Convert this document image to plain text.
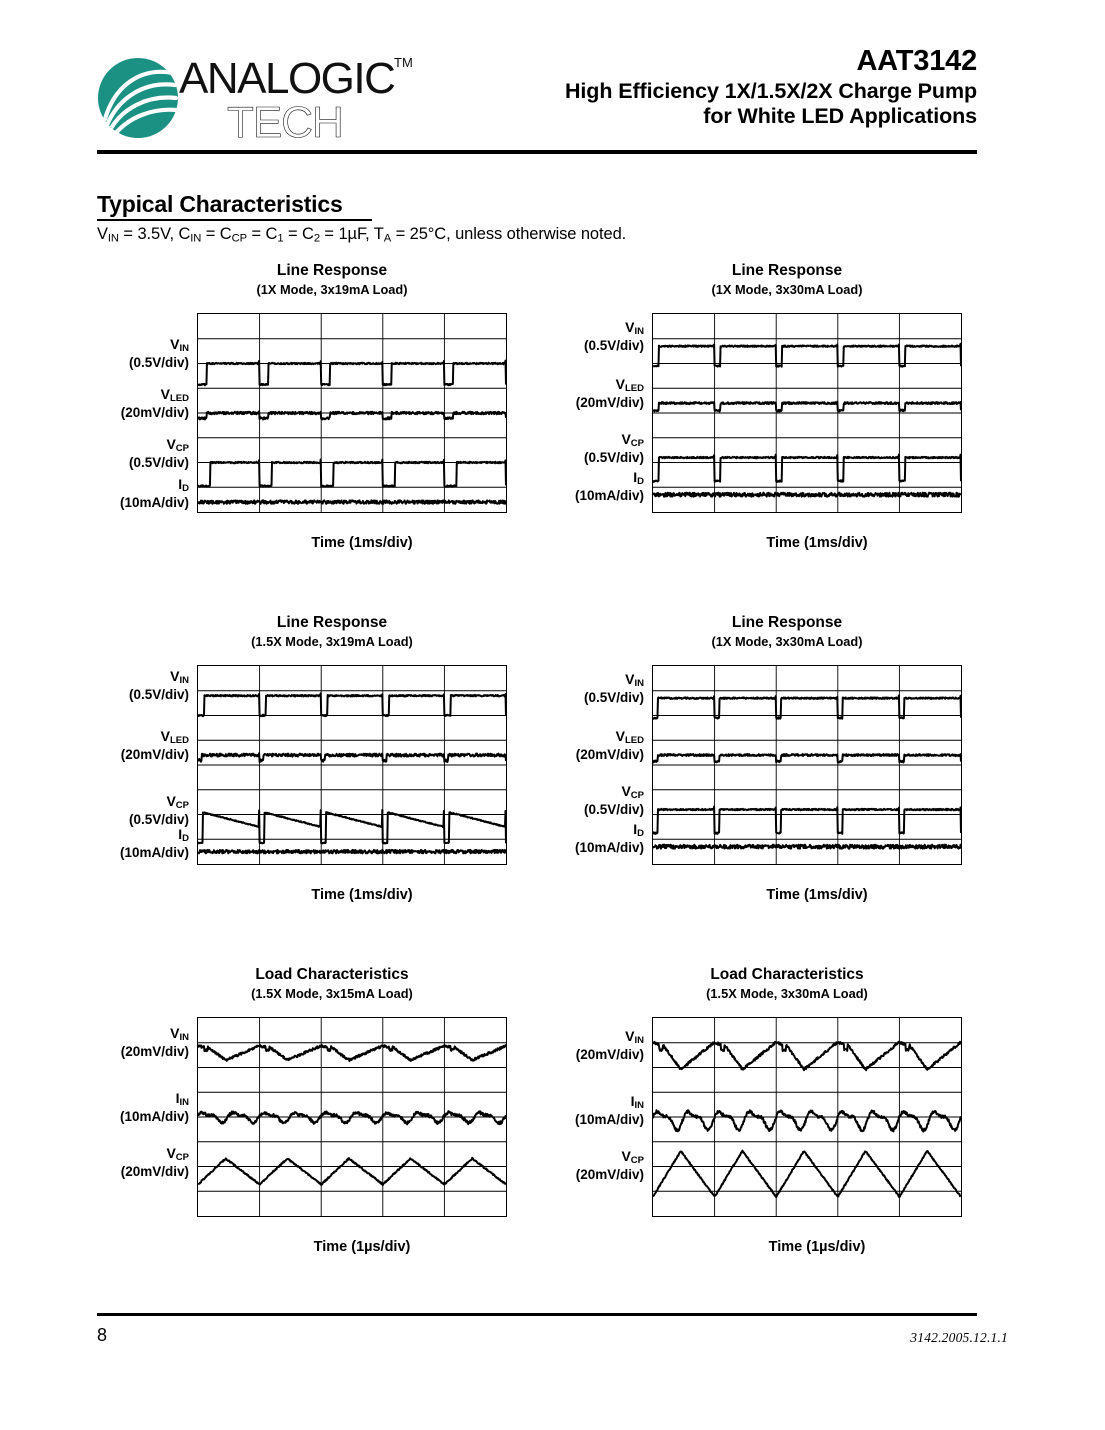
ANALOGIC TM
TECH
AAT3142
High Efficiency 1X/1.5X/2X Charge Pump
for White LED Applications
Typical Characteristics
$V_{IN} = 3.5V$, $C_{IN} = C_{CP} = C_1 = C_2 = 1\mu F$, $T_A = 25^\circ C$, unless otherwise noted.
Line Response
(1X Mode, 3x19mA Load)
$V_{IN}$
(0.5V/div)
$V_{LED}$
(20mV/div)
$V_{CP}$
(0.5V/div)
$I_D$
(10mA/div)
Time (1ms/div)
Line Response
(1X Mode, 3x30mA Load)
$V_{IN}$
(0.5V/div)
$V_{LED}$
(20mV/div)
$V_{CP}$
(0.5V/div)
$I_D$
(10mA/div)
Time (1ms/div)
Line Response
(1.5X Mode, 3x19mA Load)
$V_{IN}$
(0.5V/div)
$V_{LED}$
(20mV/div)
$V_{CP}$
(0.5V/div)
$I_D$
(10mA/div)
Time (1ms/div)
Line Response
(1X Mode, 3x30mA Load)
$V_{IN}$
(0.5V/div)
$V_{LED}$
(20mV/div)
$V_{CP}$
(0.5V/div)
$I_D$
(10mA/div)
Time (1ms/div)
Load Characteristics
(1.5X Mode, 3x15mA Load)
$V_{IN}$
(20mV/div)
$I_{IN}$
(10mA/div)
$V_{CP}$
(20mV/div)
Time (1µs/div)
Load Characteristics
(1.5X Mode, 3x30mA Load)
$V_{IN}$
(20mV/div)
$I_{IN}$
(10mA/div)
$V_{CP}$
(20mV/div)
Time (1µs/div)
8	3142.2005.12.1.1
